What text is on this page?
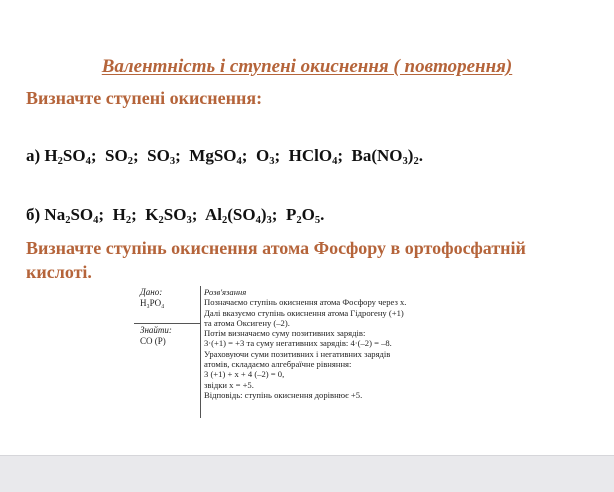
Валентність і ступені окиснення ( повторення)
Визначте ступені окиснення:
а) $H_2SO_4$;  $SO_2$;  $SO_3$;  MgSO$_4$;  $O_3$;  HClO$_4$;  $Ba(NO_3)_2$.
б) $Na_2SO_4$;  $H_2$;  $K_2SO_3$;  $Al_2(SO_4)_3$;  $P_2O_5$.
Визначте ступінь окиснення атома Фосфору в ортофосфатній кислоті.
Дано:
H₃PO₄
Знайти:
СО (Р)
Розв'язання
Позначаємо ступінь окиснення атома Фосфору через x.
Далі вказуємо ступінь окиснення атома Гідрогену (+1)
та атома Оксигену (–2).
Потім визначаємо суму позитивних зарядів:
3·(+1) = +3 та суму негативних зарядів: 4·(–2) = –8.
Ураховуючи суми позитивних і негативних зарядів
атомів, складаємо алгебраїчне рівняння:
3 (+1) + x + 4 (–2) = 0,
звідки x = +5.
Відповідь: ступінь окиснення дорівнює +5.
